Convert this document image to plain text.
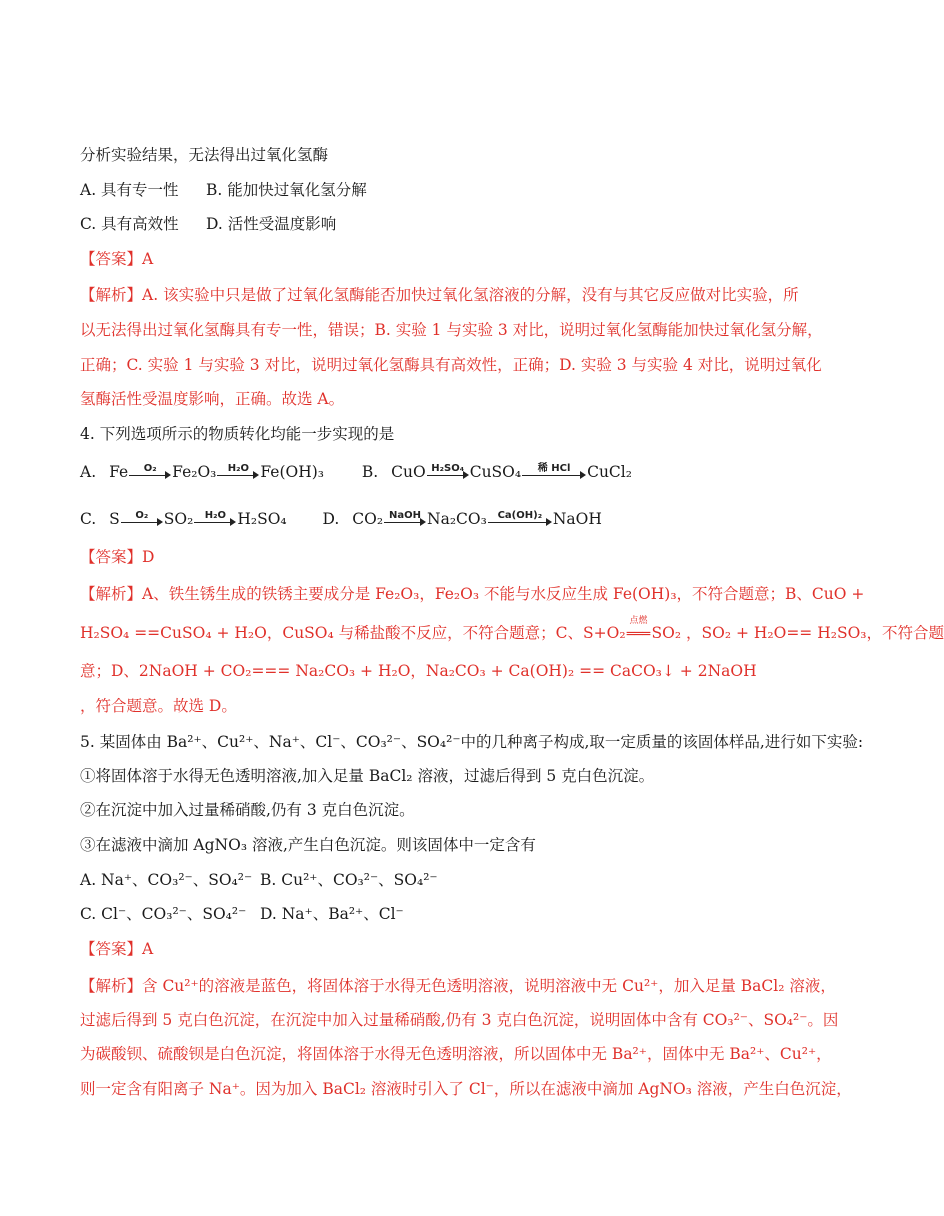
分析实验结果，无法得出过氧化氢酶
A. 具有专一性 B. 能加快过氧化氢分解
C. 具有高效性 D. 活性受温度影响
【答案】A
【解析】A. 该实验中只是做了过氧化氢酶能否加快过氧化氢溶液的分解，没有与其它反应做对比实验，所
以无法得出过氧化氢酶具有专一性，错误；B. 实验 1 与实验 3 对比，说明过氧化氢酶能加快过氧化氢分解，
正确；C. 实验 1 与实验 3 对比，说明过氧化氢酶具有高效性，正确；D. 实验 3 与实验 4 对比，说明过氧化
氢酶活性受温度影响，正确。故选 A。
4. 下列选项所示的物质转化均能一步实现的是
A. Fe	O₂	Fe₂O₃	H₂O Fe(OH)₃ B. CuO H₂SO₄ CuSO₄	稀 HCl	CuCl₂
C. S	O₂	SO₂	H₂O H₂SO₄ D. CO₂ NaOH Na₂CO₃	Ca(OH)₂ NaOH
【答案】D
【解析】A、铁生锈生成的铁锈主要成分是 Fe₂O₃，Fe₂O₃ 不能与水反应生成 Fe(OH)₃，不符合题意；B、CuO +
H₂SO₄ ==CuSO₄ + H₂O，CuSO₄ 与稀盐酸不反应，不符合题意；C、S+O₂
点燃
═══SO₂ ，SO₂ + H₂O== H₂SO₃，不符合题
意；D、2NaOH + CO₂=== Na₂CO₃ + H₂O，Na₂CO₃ + Ca(OH)₂ == CaCO₃↓ + 2NaOH
，符合题意。故选 D。
5. 某固体由 Ba²⁺、Cu²⁺、Na⁺、Cl⁻、CO₃²⁻、SO₄²⁻中的几种离子构成,取一定质量的该固体样品,进行如下实验:
①将固体溶于水得无色透明溶液,加入足量 BaCl₂ 溶液，过滤后得到 5 克白色沉淀。
②在沉淀中加入过量稀硝酸,仍有 3 克白色沉淀。
③在滤液中滴加 AgNO₃ 溶液,产生白色沉淀。则该固体中一定含有
A. Na⁺、CO₃²⁻、SO₄²⁻ B. Cu²⁺、CO₃²⁻、SO₄²⁻
C. Cl⁻、CO₃²⁻、SO₄²⁻ D. Na⁺、Ba²⁺、Cl⁻
【答案】A
【解析】含 Cu²⁺的溶液是蓝色，将固体溶于水得无色透明溶液，说明溶液中无 Cu²⁺，加入足量 BaCl₂ 溶液，
过滤后得到 5 克白色沉淀，在沉淀中加入过量稀硝酸,仍有 3 克白色沉淀，说明固体中含有 CO₃²⁻、SO₄²⁻。因
为碳酸钡、硫酸钡是白色沉淀，将固体溶于水得无色透明溶液，所以固体中无 Ba²⁺，固体中无 Ba²⁺、Cu²⁺，
则一定含有阳离子 Na⁺。因为加入 BaCl₂ 溶液时引入了 Cl⁻，所以在滤液中滴加 AgNO₃ 溶液，产生白色沉淀，
